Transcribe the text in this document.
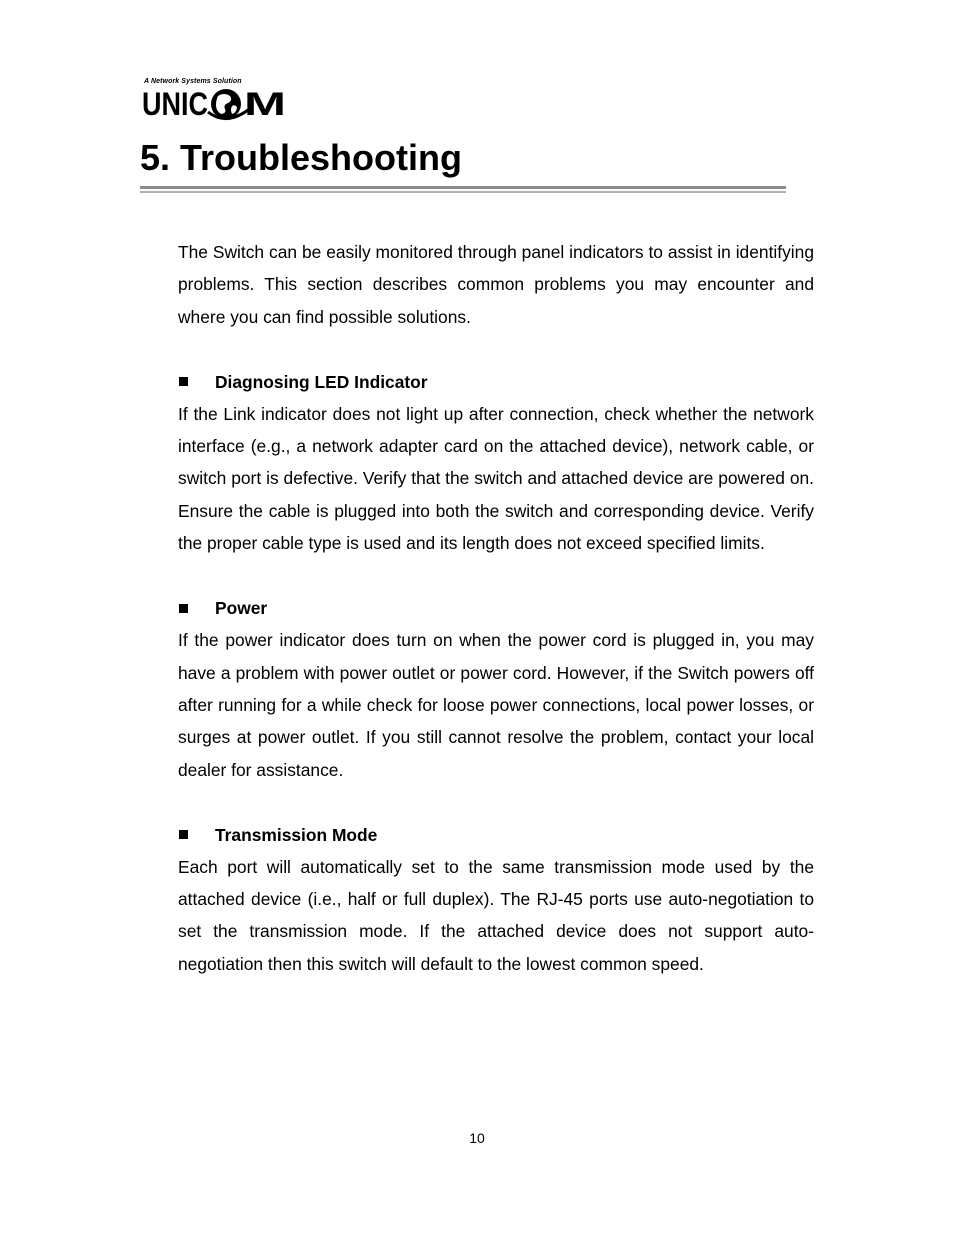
A Network Systems Solution
UNIC M
5. Troubleshooting

The Switch can be easily monitored through panel indicators to assist in identifying problems. This section describes common problems you may encounter and where you can find possible solutions.

Diagnosing LED Indicator

If the Link indicator does not light up after connection, check whether the network interface (e.g., a network adapter card on the attached device), network cable, or switch port is defective. Verify that the switch and attached device are powered on. Ensure the cable is plugged into both the switch and corresponding device. Verify the proper cable type is used and its length does not exceed specified limits.

Power

If the power indicator does turn on when the power cord is plugged in, you may have a problem with power outlet or power cord. However, if the Switch powers off after running for a while check for loose power connections, local power losses, or surges at power outlet. If you still cannot resolve the problem, contact your local dealer for assistance.

Transmission Mode

Each port will automatically set to the same transmission mode used by the attached device (i.e., half or full duplex). The RJ-45 ports use auto-negotiation to set the transmission mode. If the attached device does not support auto-negotiation then this switch will default to the lowest common speed.

10
